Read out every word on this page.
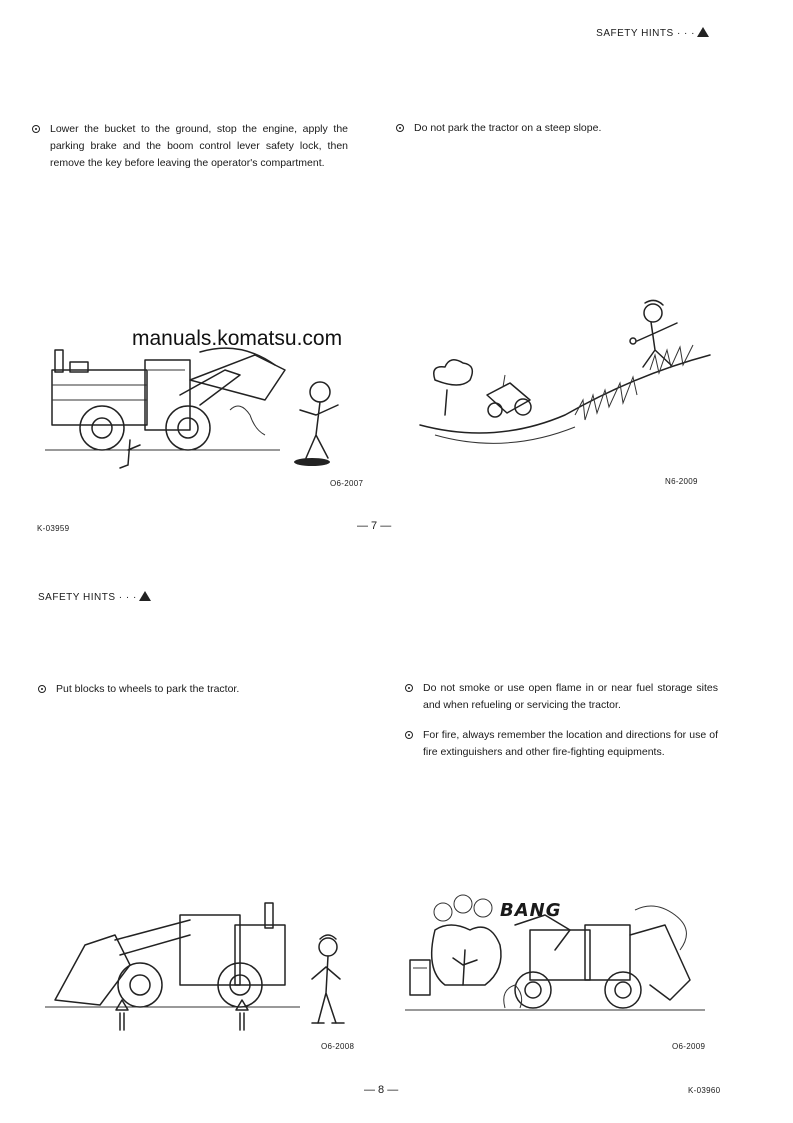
SAFETY HINTS · · ·
Lower the bucket to the ground, stop the engine, apply the parking brake and the boom control lever safety lock, then remove the key before leaving the operator's compartment.
Do not park the tractor on a steep slope.
manuals.komatsu.com
O6-2007	N6-2009
K-03959	— 7 —
SAFETY HINTS · · ·
Put blocks to wheels to park the tractor.	Do not smoke or use open flame in or near fuel storage sites and when refueling or servicing the tractor.
For fire, always remember the location and directions for use of fire extinguishers and other fire-fighting equipments.
O6-2008
BANG
O6-2009
— 8 —	K-03960
